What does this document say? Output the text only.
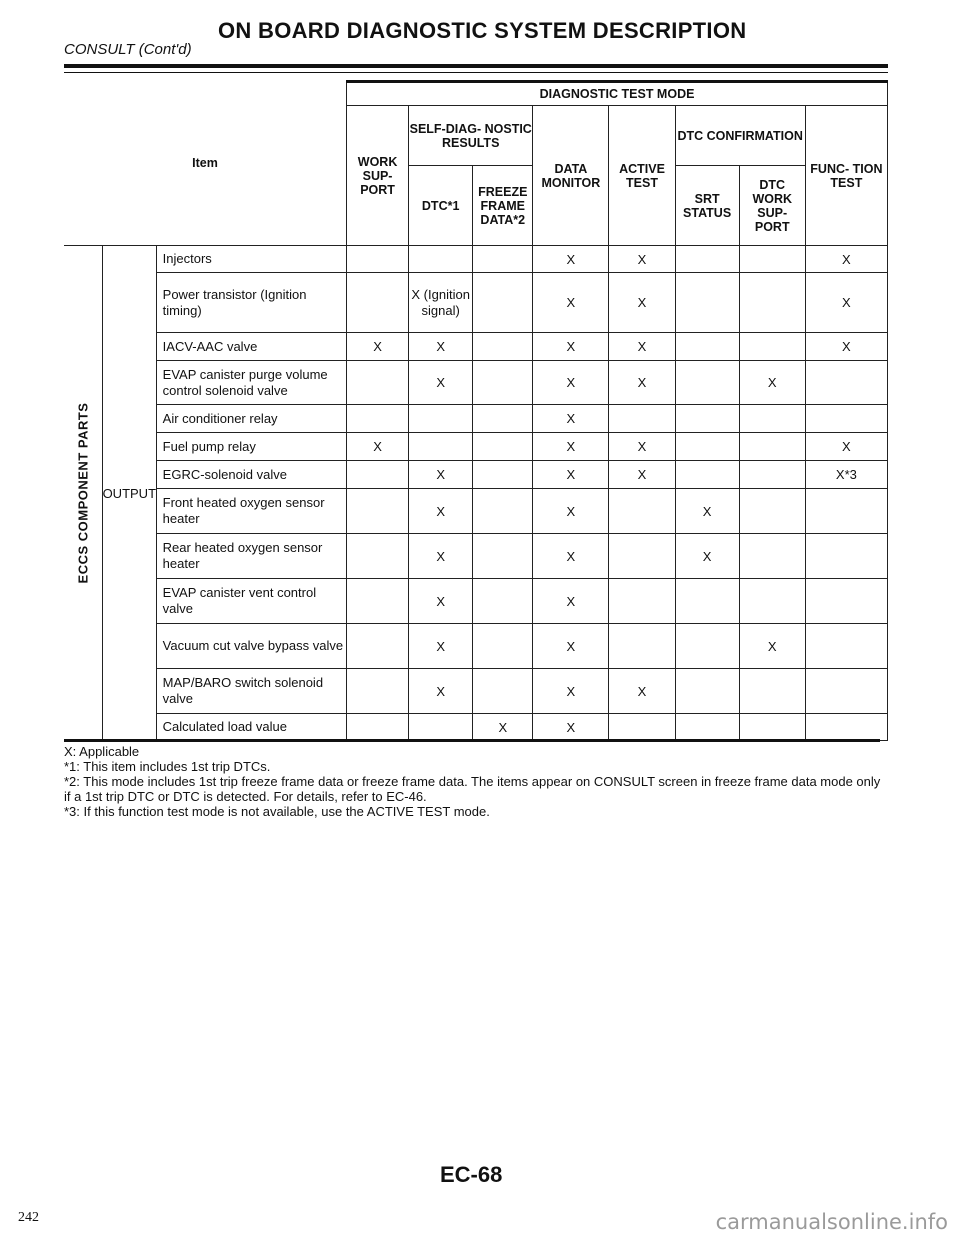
ON BOARD DIAGNOSTIC SYSTEM DESCRIPTION
CONSULT (Cont'd)
Item			DIAGNOSTIC TEST MODE							
			WORK SUP- PORT	SELF-DIAG- NOSTIC RESULTS		DATA MONITOR	ACTIVE TEST	DTC CONFIRMATION		FUNC- TION TEST
				DTC*1	FREEZE FRAME DATA*2			SRT STATUS	DTC WORK SUP- PORT	

ECCS COMPONENT PARTS	OUTPUT	Injectors				X	X			X
		Power transistor (Ignition timing)		X (Ignition signal)		X	X			X
		IACV-AAC valve	X	X		X	X			X
		EVAP canister purge volume control solenoid valve		X		X	X		X	
		Air conditioner relay				X				
		Fuel pump relay	X			X	X			X
		EGRC-solenoid valve		X		X	X			X*3
		Front heated oxygen sensor heater		X		X		X		
		Rear heated oxygen sensor heater		X		X		X		
		EVAP canister vent control valve		X		X				
		Vacuum cut valve bypass valve		X		X			X	
		MAP/BARO switch solenoid valve		X		X	X			
		Calculated load value			X	X				
X: Applicable
*1: This item includes 1st trip DTCs.
*2: This mode includes 1st trip freeze frame data or freeze frame data. The items appear on CONSULT screen in freeze frame data mode only if a 1st trip DTC or DTC is detected. For details, refer to EC-46.
*3: If this function test mode is not available, use the ACTIVE TEST mode.
EC-68
242	carmanualsonline.info
